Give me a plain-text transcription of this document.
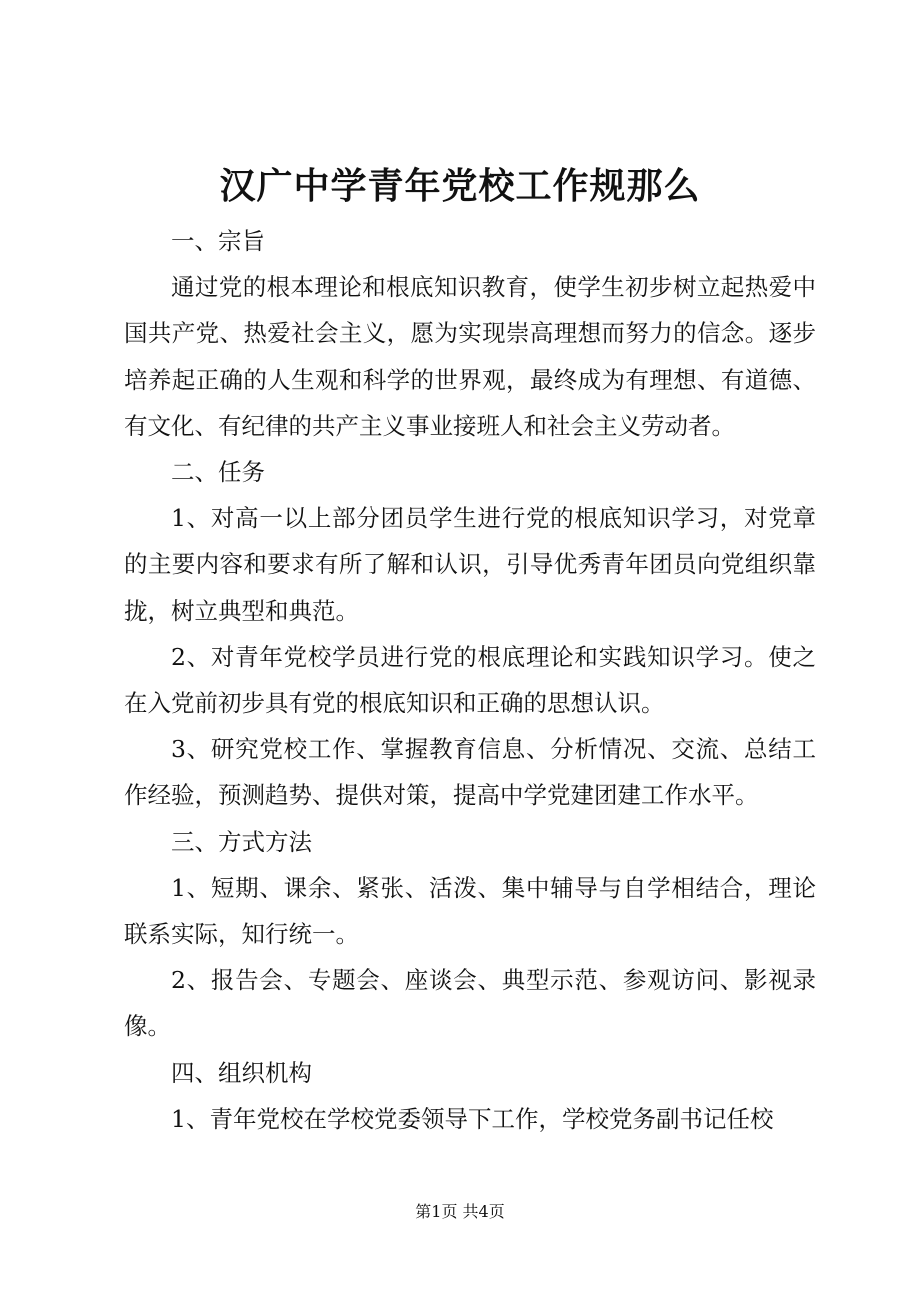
汉广中学青年党校工作规那么

一、宗旨

通过党的根本理论和根底知识教育，使学生初步树立起热爱中国共产党、热爱社会主义，愿为实现崇高理想而努力的信念。逐步培养起正确的人生观和科学的世界观，最终成为有理想、有道德、有文化、有纪律的共产主义事业接班人和社会主义劳动者。

二、任务

1、对高一以上部分团员学生进行党的根底知识学习，对党章的主要内容和要求有所了解和认识，引导优秀青年团员向党组织靠拢，树立典型和典范。

2、对青年党校学员进行党的根底理论和实践知识学习。使之在入党前初步具有党的根底知识和正确的思想认识。

3、研究党校工作、掌握教育信息、分析情况、交流、总结工作经验，预测趋势、提供对策，提高中学党建团建工作水平。

三、方式方法

1、短期、课余、紧张、活泼、集中辅导与自学相结合，理论联系实际，知行统一。

2、报告会、专题会、座谈会、典型示范、参观访问、影视录像。

四、组织机构

1、青年党校在学校党委领导下工作，学校党务副书记任校

第1页 共4页
